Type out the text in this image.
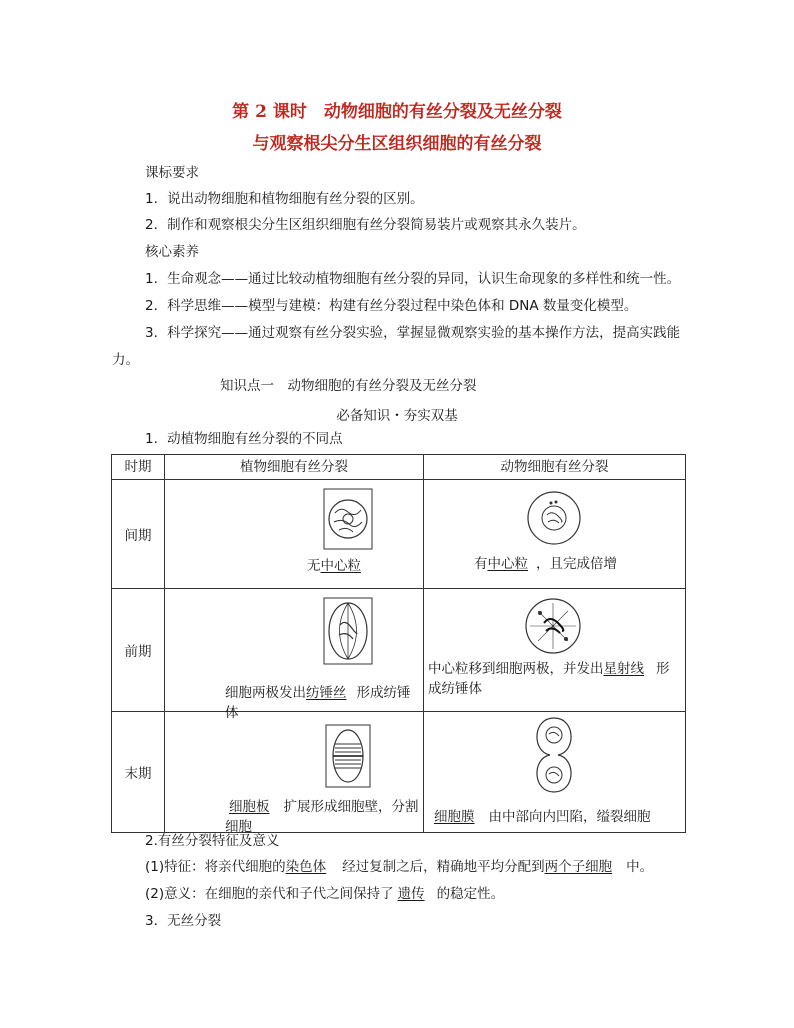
第 2 课时　动物细胞的有丝分裂及无丝分裂
与观察根尖分生区组织细胞的有丝分裂
课标要求
1．说出动物细胞和植物细胞有丝分裂的区别。
2．制作和观察根尖分生区组织细胞有丝分裂简易装片或观察其永久装片。
核心素养
1．生命观念——通过比较动植物细胞有丝分裂的异同，认识生命现象的多样性和统一性。
2．科学思维——模型与建模：构建有丝分裂过程中染色体和 DNA 数量变化模型。
3．科学探究——通过观察有丝分裂实验，掌握显微观察实验的基本操作方法，提高实践能
力。
知识点一　动物细胞的有丝分裂及无丝分裂
必备知识・夯实双基
1．动植物细胞有丝分裂的不同点
时期	植物细胞有丝分裂	动物细胞有丝分裂
间期	无中心粒	有中心粒 ，且完成倍增

前期	细胞两极发出纺锤丝 形成纺锤体	中心粒移到细胞两极，并发出星射线 形
成纺锤体

末期	细胞板 扩展形成细胞壁，分割细胞	细胞膜 由中部向内凹陷，缢裂细胞
2.有丝分裂特征及意义
(1)特征：将亲代细胞的染色体 经过复制之后，精确地平均分配到两个子细胞 中。
(2)意义：在细胞的亲代和子代之间保持了 遗传 的稳定性。
3．无丝分裂
